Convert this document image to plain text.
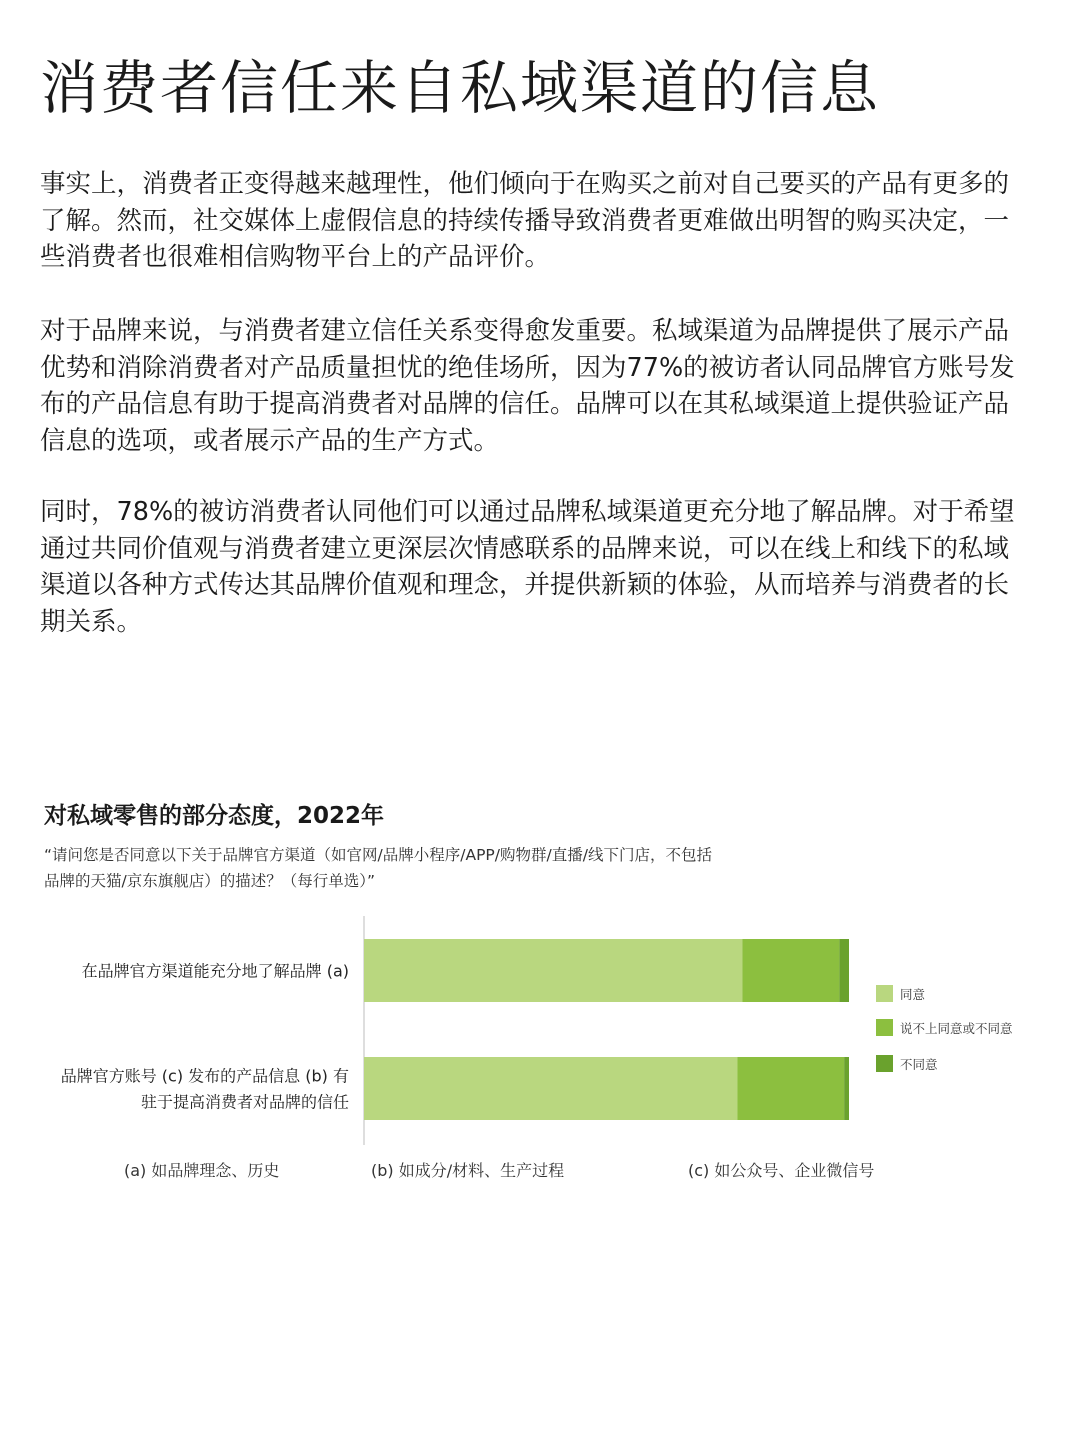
消费者信任来自私域渠道的信息

事实上，消费者正变得越来越理性，他们倾向于在购买之前对自己要买的产品有更多的了解。然而，社交媒体上虚假信息的持续传播导致消费者更难做出明智的购买决定，一些消费者也很难相信购物平台上的产品评价。

对于品牌来说，与消费者建立信任关系变得愈发重要。私域渠道为品牌提供了展示产品优势和消除消费者对产品质量担忧的绝佳场所，因为77%的被访者认同品牌官方账号发布的产品信息有助于提高消费者对品牌的信任。品牌可以在其私域渠道上提供验证产品信息的选项，或者展示产品的生产方式。

同时，78%的被访消费者认同他们可以通过品牌私域渠道更充分地了解品牌。对于希望通过共同价值观与消费者建立更深层次情感联系的品牌来说，可以在线上和线下的私域渠道以各种方式传达其品牌价值观和理念，并提供新颖的体验，从而培养与消费者的长期关系。

对私域零售的部分态度，2022年

“请问您是否同意以下关于品牌官方渠道（如官网/品牌小程序/APP/购物群/直播/线下门店，不包括品牌的天猫/京东旗舰店）的描述？（每行单选）”

在品牌官方渠道能充分地了解品牌 (a)
品牌官方账号 (c) 发布的产品信息 (b) 有
驻于提高消费者对品牌的信任
同意
说不上同意或不同意
不同意
(a) 如品牌理念、历史	(b) 如成分/材料、生产过程	(c) 如公众号、企业微信号
